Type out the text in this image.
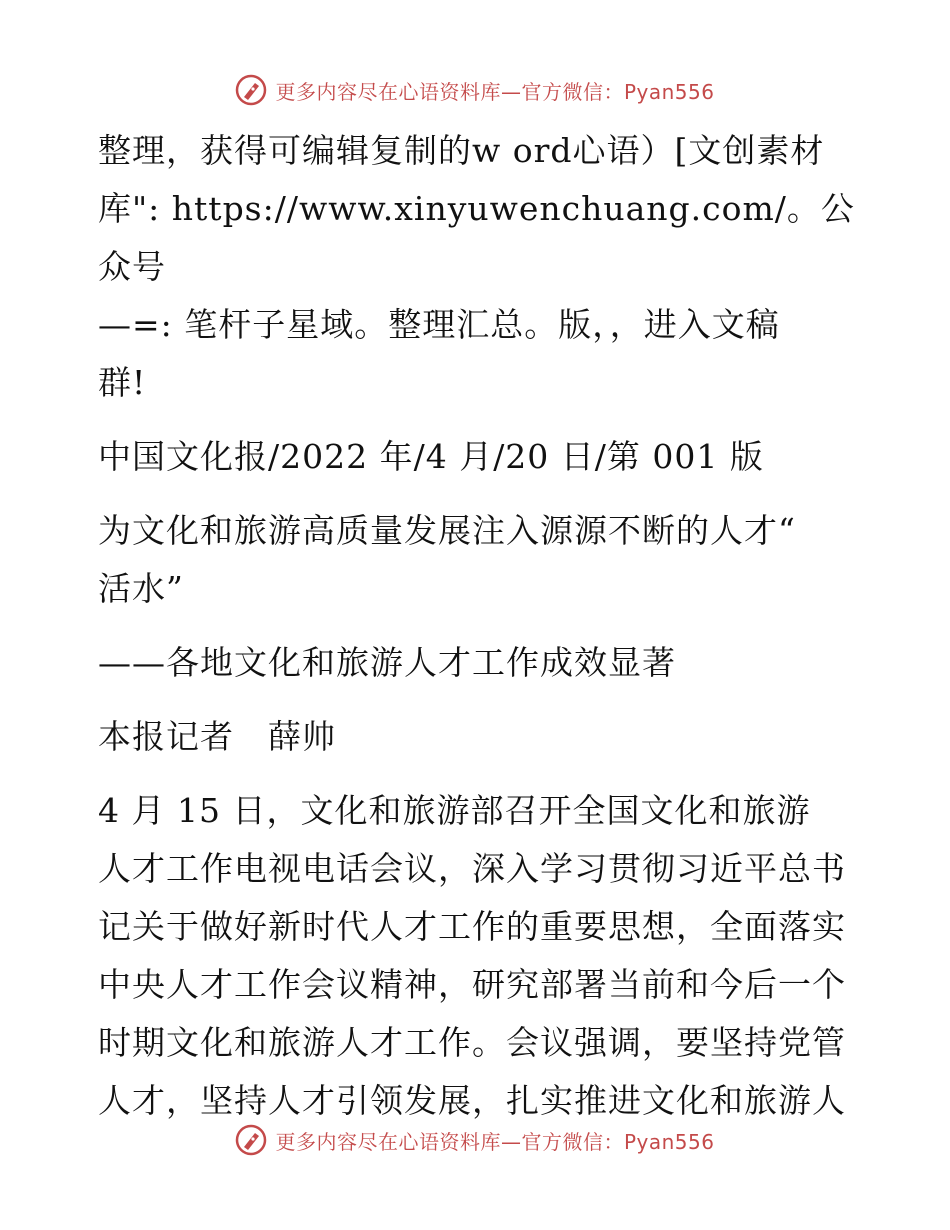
更多内容尽在心语资料库—官方微信：Pyan556
整理，获得可编辑复制的w ord心语）[文创素材
库": https://www.xinyuwenchuang.com/。公众号
—=: 笔杆子星域。整理汇总。版，，进入文稿
群!
中国文化报/2022 年/4 月/20 日/第 001 版
为文化和旅游高质量发展注入源源不断的人才“
活水”
——各地文化和旅游人才工作成效显著
本报记者　薛帅
4 月 15 日，文化和旅游部召开全国文化和旅游
人才工作电视电话会议，深入学习贯彻习近平总书
记关于做好新时代人才工作的重要思想，全面落实
中央人才工作会议精神，研究部署当前和今后一个
时期文化和旅游人才工作。会议强调，要坚持党管
人才，坚持人才引领发展，扎实推进文化和旅游人
更多内容尽在心语资料库—官方微信：Pyan556
